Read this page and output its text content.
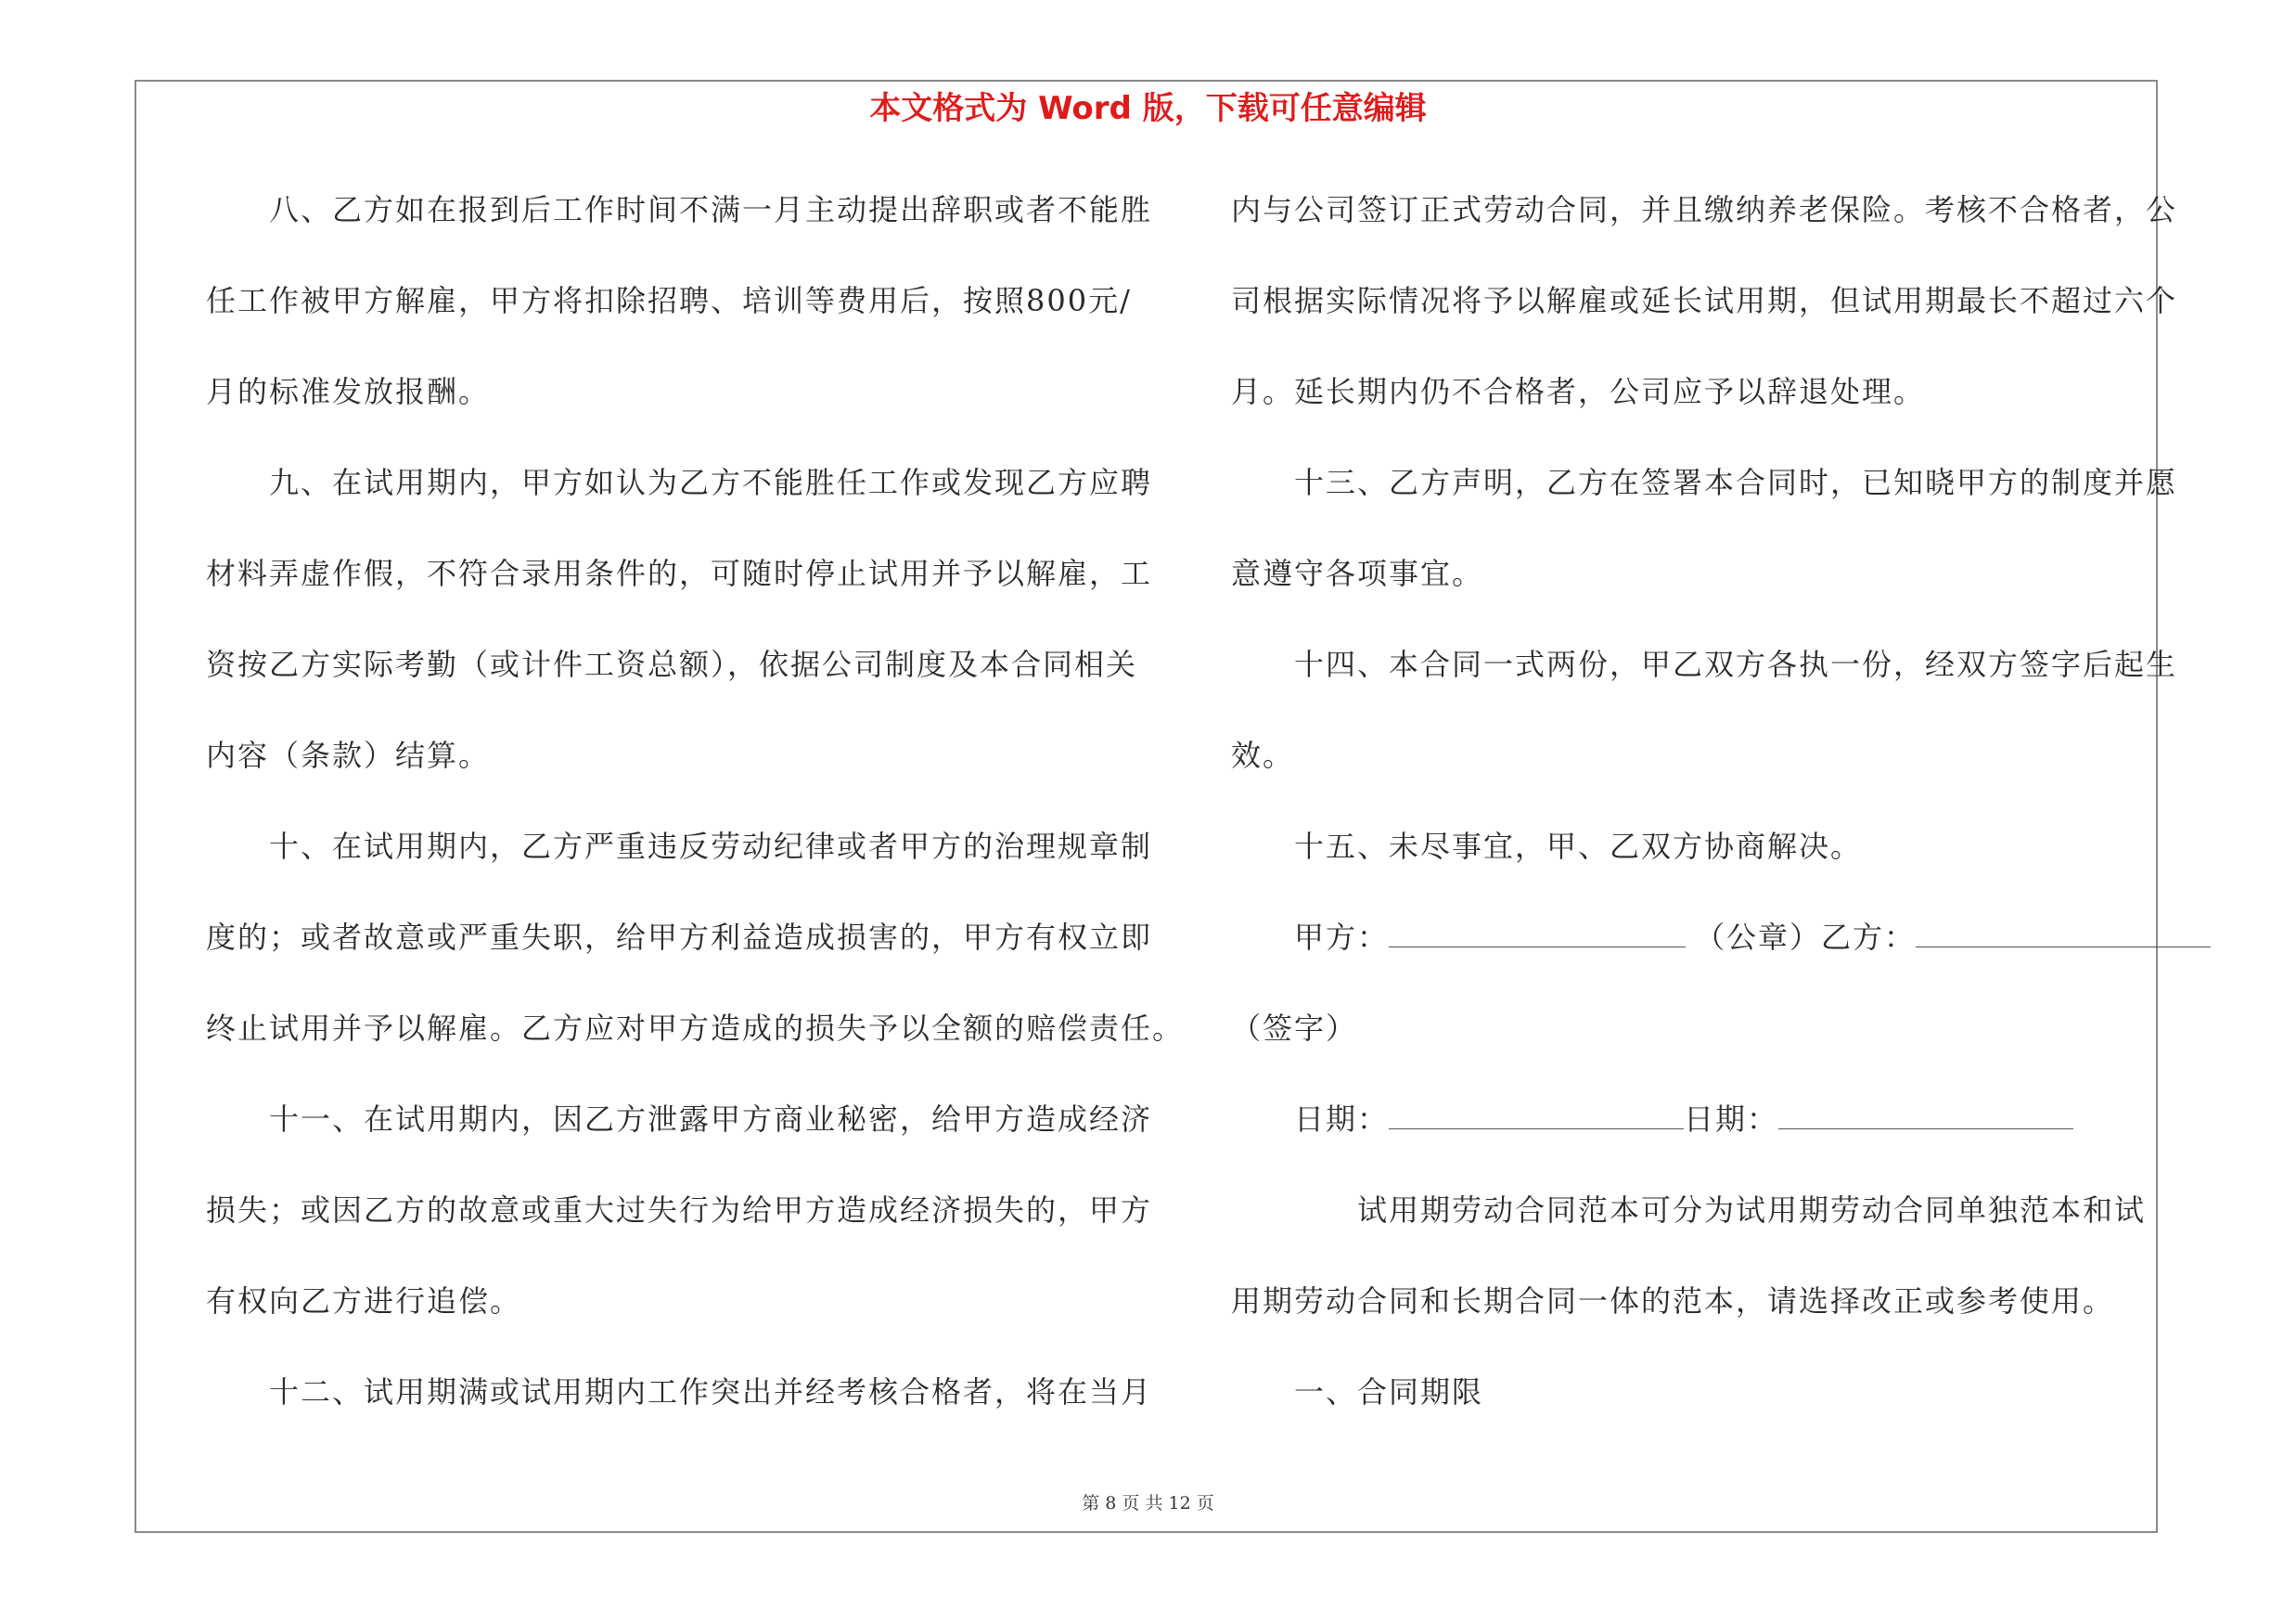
本文格式为 Word 版，下载可任意编辑
　　八、乙方如在报到后工作时间不满一月主动提出辞职或者不能胜
任工作被甲方解雇，甲方将扣除招聘、培训等费用后，按照800元/
月的标准发放报酬。
　　九、在试用期内，甲方如认为乙方不能胜任工作或发现乙方应聘
材料弄虚作假，不符合录用条件的，可随时停止试用并予以解雇，工
资按乙方实际考勤（或计件工资总额），依据公司制度及本合同相关
内容（条款）结算。
　　十、在试用期内，乙方严重违反劳动纪律或者甲方的治理规章制
度的；或者故意或严重失职，给甲方利益造成损害的，甲方有权立即
终止试用并予以解雇。乙方应对甲方造成的损失予以全额的赔偿责任。
　　十一、在试用期内，因乙方泄露甲方商业秘密，给甲方造成经济
损失；或因乙方的故意或重大过失行为给甲方造成经济损失的，甲方
有权向乙方进行追偿。
　　十二、试用期满或试用期内工作突出并经考核合格者，将在当月
内与公司签订正式劳动合同，并且缴纳养老保险。考核不合格者，公
司根据实际情况将予以解雇或延长试用期，但试用期最长不超过六个
月。延长期内仍不合格者，公司应予以辞退处理。
　　十三、乙方声明，乙方在签署本合同时，已知晓甲方的制度并愿
意遵守各项事宜。
　　十四、本合同一式两份，甲乙双方各执一份，经双方签字后起生
效。
　　十五、未尽事宜，甲、乙双方协商解决。
甲方：	（公章）乙方：
（签字）
日期：	日期：
　　　　试用期劳动合同范本可分为试用期劳动合同单独范本和试
用期劳动合同和长期合同一体的范本，请选择改正或参考使用。
　　一、合同期限
第 8 页 共 12 页
